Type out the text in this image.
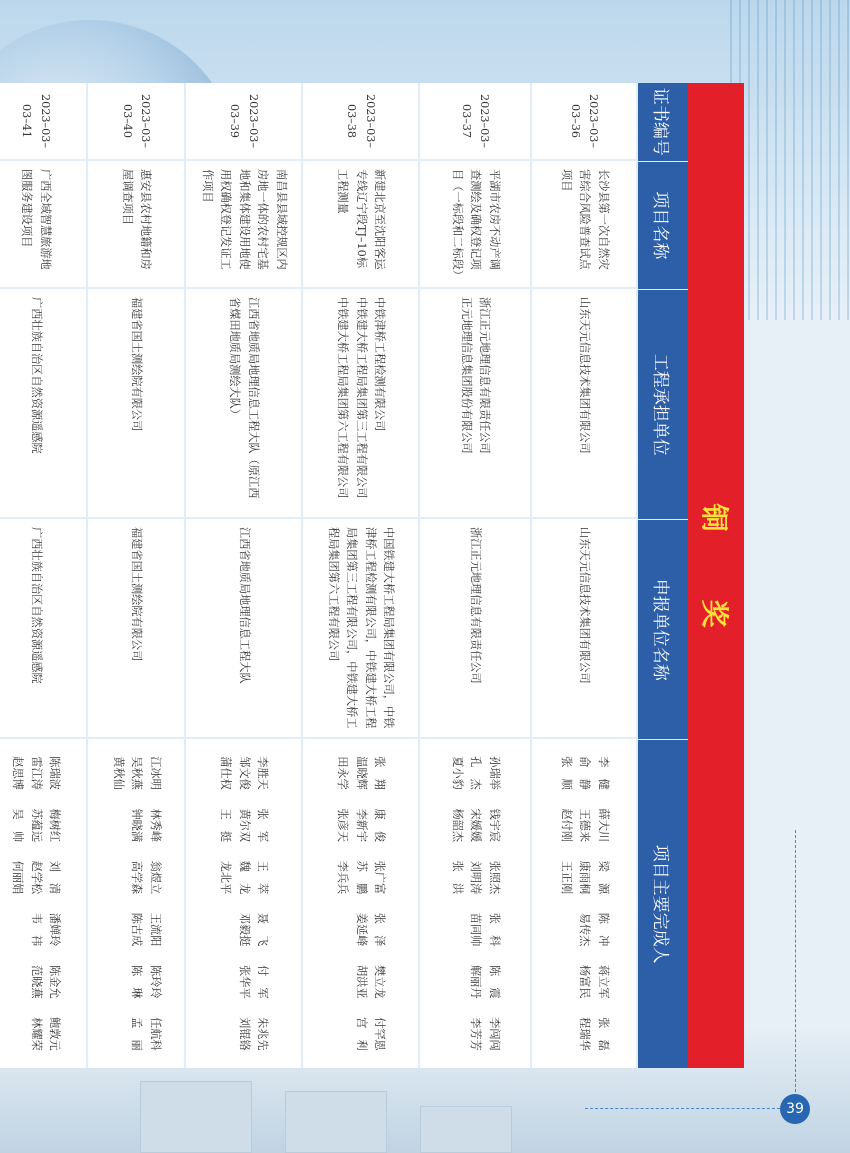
铜　奖
证书编号
项目名称
工程承担单位
申报单位名称
项目主要完成人
2023–03–03–36
长沙县第一次自然灾害综合风险普查试点项目
山东天元信息技术集团有限公司
山东天元信息技术集团有限公司
李　健
薛大川
梁　源
陈　冲
蒋立军
张　磊
俞　静
王德来
康雨桐
易传杰
杨富民
程瑞华
张　顺
赵付刚
王正刚
2023–03–03–37
平湖市农房不动产调查测绘及确权登记项目（一标段和二标段）
浙江正元地理信息有限责任公司
正元地理信息集团股份有限公司
浙江正元地理信息有限责任公司
孙瑞举
钱宇宸
张照杰
张　科
陈　震
李闯闯
孔　杰
宋媛媛
刘明涛
苗同帅
解丽丹
李芳芳
夏小豹
杨韶杰
张　洪
2023–03–03–38
新建北京至沈阳客运专线辽宁段TJ–10标工程测量
中铁津桥工程检测有限公司
中铁建大桥工程局集团第三工程有限公司
中铁建大桥工程局集团第六工程有限公司
中国铁建大桥工程局集团有限公司，中铁津桥工程检测有限公司，中铁建大桥工程局集团第三工程有限公司，中铁建大桥工程局集团第六工程有限公司
张　翔
康　俊
张广富
张　泽
樊立龙
付罕恩
温晓辉
李新宇
苏　鹏
姜延峰
胡洪亚
宫　利
田永学
张彦天
李兵兵
2023–03–03–39
南昌县县域控规区内房地一体的农村宅基地和集体建设用地使用权确权登记发证工作项目
江西省地质局地理信息工程大队（原江西省煤田地质局测绘大队）
江西省地质局地理信息工程大队
李胜天
张　军
王　萃
聂　飞
付　军
朱兆先
邹文俊
黄尔双
魏　龙
邓毅挺
张华平
刘锟铬
蒲仕权
王　挺
龙北平
2023–03–03–40
惠安县农村地籍和房屋调查项目
福建省国土测绘院有限公司
福建省国土测绘院有限公司
江冰明
林秀峰
翁煜立
王流阳
陈玲玲
任航科
吴秋燕
钟晓满
高学森
陈古成
陈　琳
孟　丽
黄秋仙
2023–03–03–41
广西全域智慧旅游地图服务建设项目
广西壮族自治区自然资源遥感院
广西壮族自治区自然资源遥感院
陈瑞波
梅树红
刘　清
潘婵玲
陈金允
鲍敦元
雷江涛
苏蕴远
赵学松
韦　祎
范晓燕
林耀荣
赵思博
吴　帅
何丽娟
39
